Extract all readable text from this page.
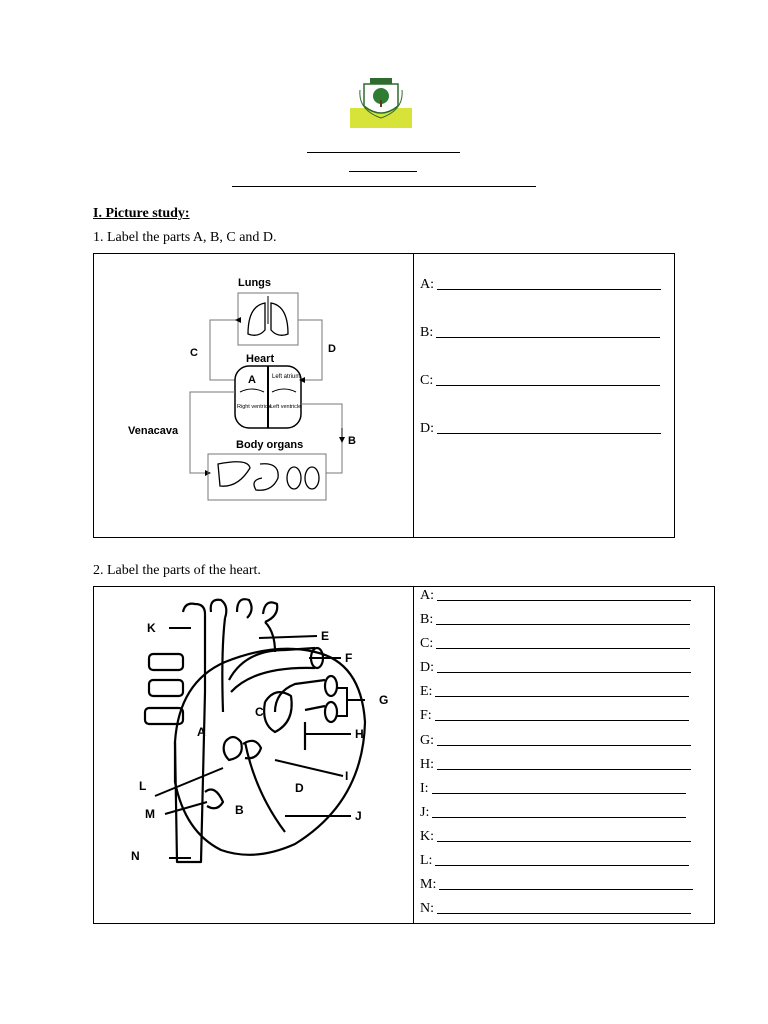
I. Picture study:
1. Label the parts A, B, C and D.
Lungs
C	D
Heart
A	Left atrium
Right ventricle
Left ventricle
B
Venacava
Body organs
A:
B:
C:
D:
2. Label the parts of the heart.
K
E
F
G
C
H
A
I
L	D
M	B	J
N
A:
B:
C:
D:
E:
F:
G:
H:
I:
J:
K:
L:
M:
N:
